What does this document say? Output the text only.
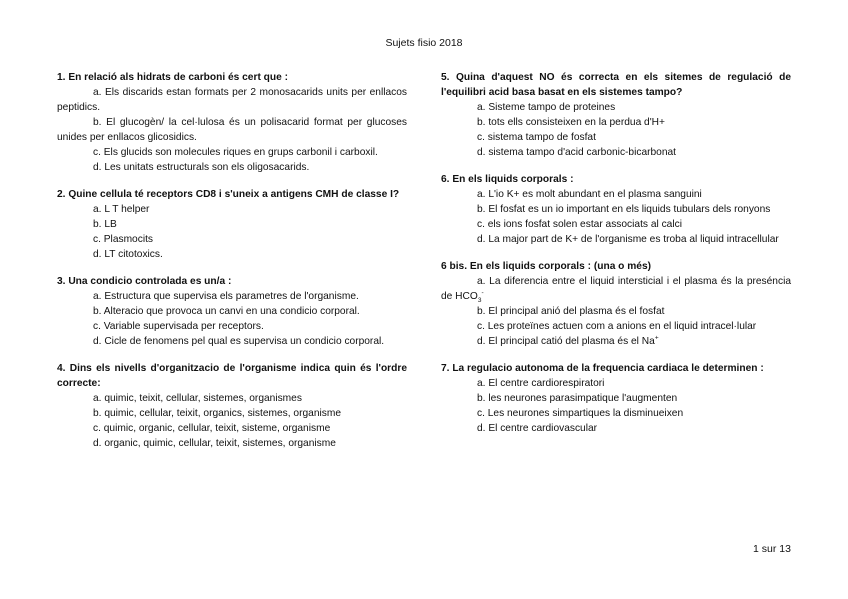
Sujets fisio 2018
1. En relació als hidrats de carboni és cert que :
a. Els discarids estan formats per 2 monosacarids units per enllacos peptidics.
b. El glucogèn/ la cel·lulosa és un polisacarid format per glucoses unides per enllacos glicosidics.
c. Els glucids son molecules riques en grups carbonil i carboxil.
d. Les unitats estructurals son els oligosacarids.
2. Quine cellula té receptors CD8 i s'uneix a antigens CMH de classe I?
a. L T helper
b. LB
c. Plasmocits
d. LT citotoxics.
3. Una condicio controlada es un/a :
a. Estructura que supervisa els parametres de l'organisme.
b. Alteracio que provoca un canvi en una condicio corporal.
c. Variable supervisada per receptors.
d. Cicle de fenomens pel qual es supervisa un condicio corporal.
4. Dins els nivells d'organitzacio de l'organisme indica quin és l'ordre correcte:
a. quimic, teixit, cellular, sistemes, organismes
b. quimic, cellular, teixit, organics, sistemes, organisme
c. quimic, organic, cellular, teixit, sisteme, organisme
d. organic, quimic, cellular, teixit, sistemes, organisme
5. Quina d'aquest NO és correcta en els sitemes de regulació de l'equilibri acid basa basat en els sistemes tampo?
a. Sisteme tampo de proteines
b. tots ells consisteixen en la perdua d'H+
c. sistema tampo de fosfat
d. sistema tampo d'acid carbonic-bicarbonat
6. En els liquids corporals :
a. L'io K+ es molt abundant en el plasma sanguini
b. El fosfat es un io important en els liquids tubulars dels ronyons
c. els ions fosfat solen estar associats al calci
d. La major part de K+ de l'organisme es troba al liquid intracellular
6 bis. En els liquids corporals : (una o més)
a. La diferencia entre el liquid intersticial i el plasma és la preséncia de $HCO_3^-$
b. El principal anió del plasma és el fosfat
c. Les proteïnes actuen com a anions en el liquid intracel·lular
d. El principal catió del plasma és el Na+
7. La regulacio autonoma de la frequencia cardiaca le determinen :
a. El centre cardiorespiratori
b. les neurones parasimpatique l'augmenten
c. Les neurones simpartiques la disminueixen
d. El centre cardiovascular
1 sur 13
